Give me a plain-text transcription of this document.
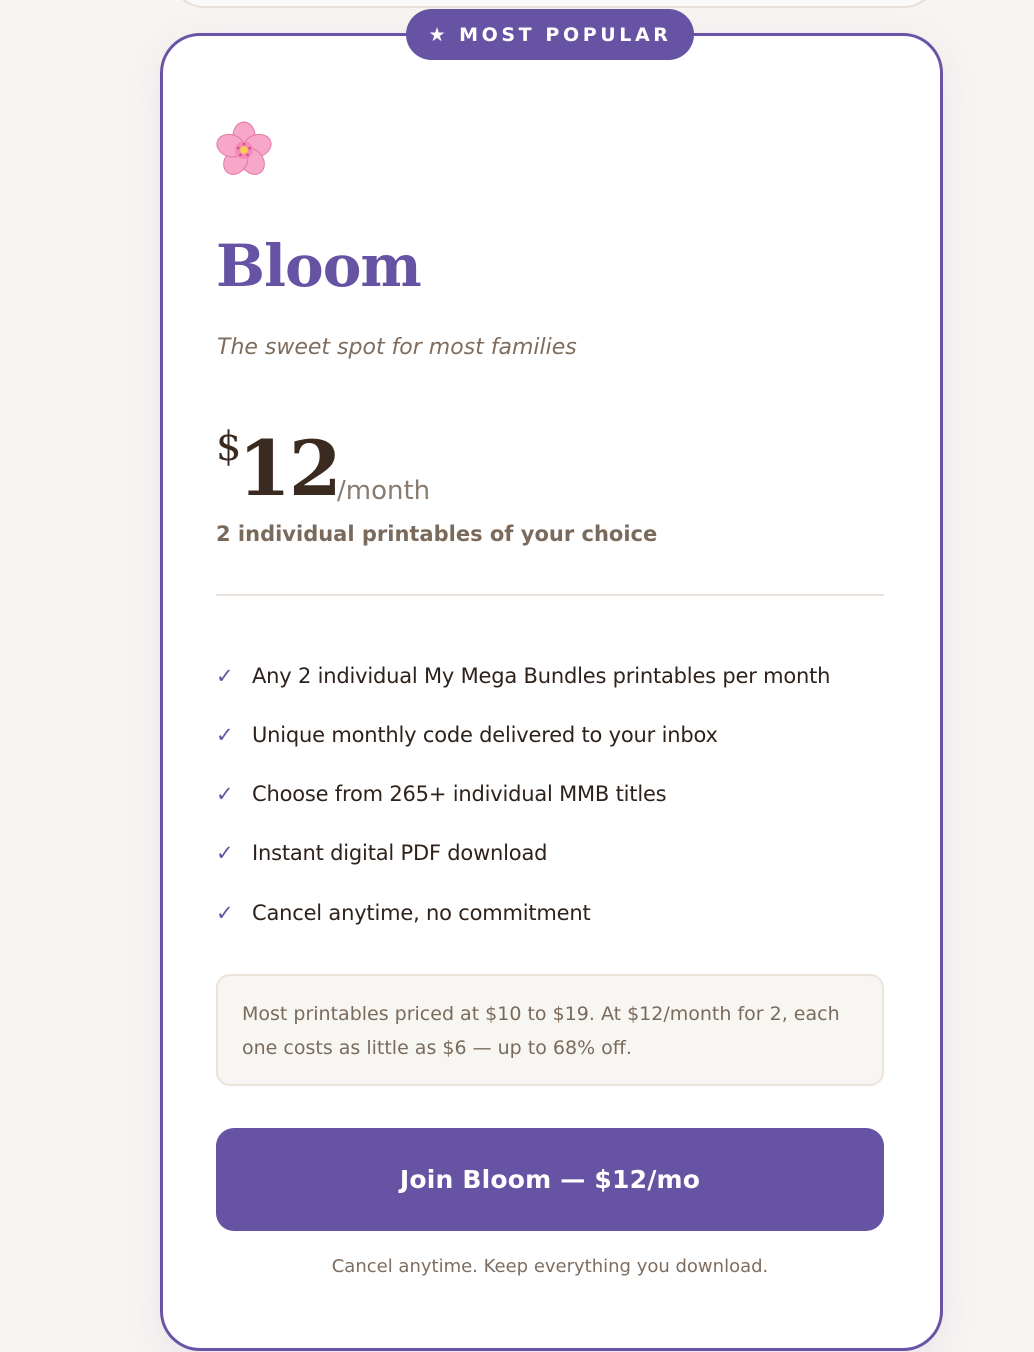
★ MOST POPULAR
Bloom
The sweet spot for most families
$
12
/month
2 individual printables of your choice
✓ Any 2 individual My Mega Bundles printables per month
✓ Unique monthly code delivered to your inbox
✓ Choose from 265+ individual MMB titles
✓ Instant digital PDF download
✓ Cancel anytime, no commitment
Most printables priced at $10 to $19. At $12/month for 2, each one costs as little as $6 — up to 68% off.
Join Bloom — $12/mo
Cancel anytime. Keep everything you download.
